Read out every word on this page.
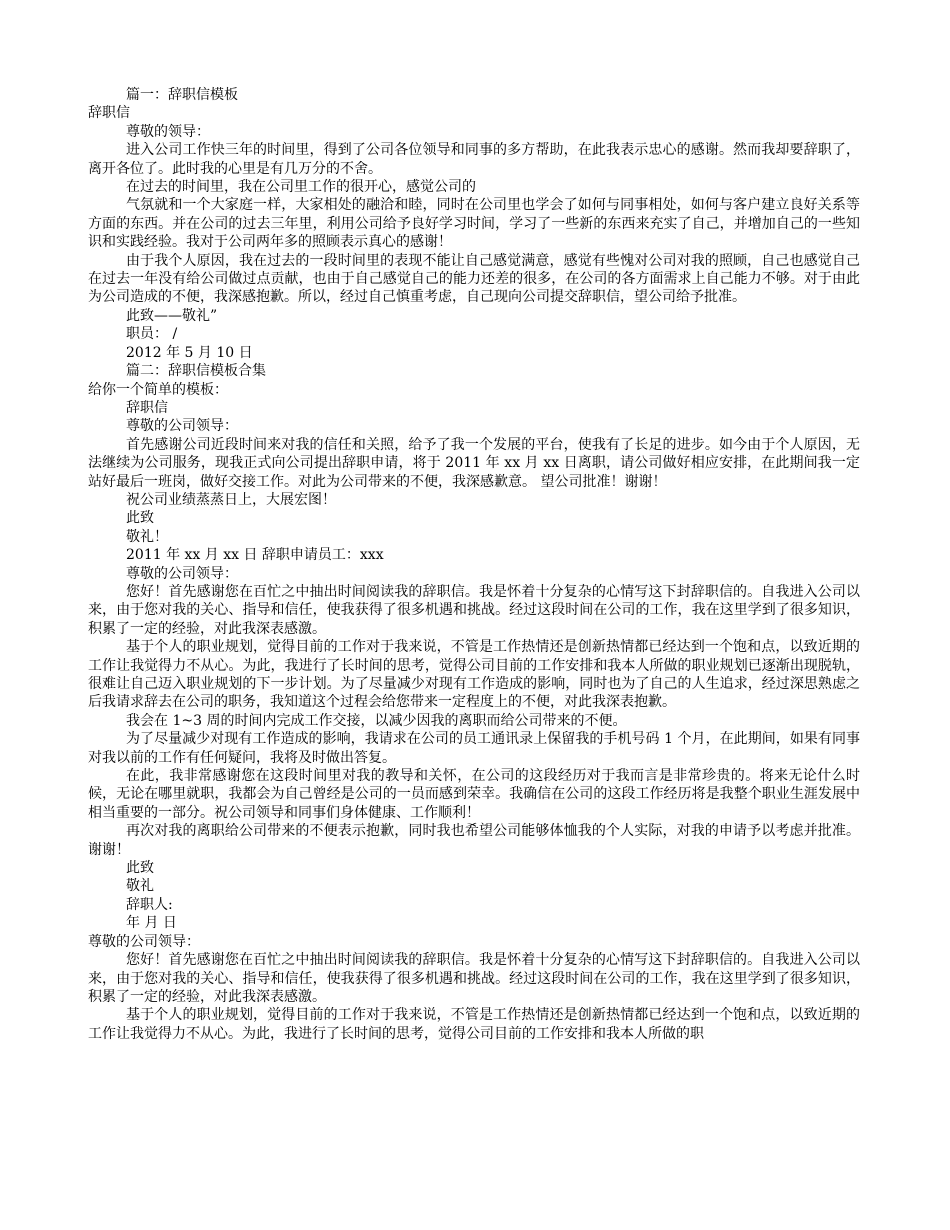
篇一：辞职信模板

辞职信

尊敬的领导：

进入公司工作快三年的时间里，得到了公司各位领导和同事的多方帮助，在此我表示忠心的感谢。然而我却要辞职了，离开各位了。此时我的心里是有几万分的不舍。

在过去的时间里，我在公司里工作的很开心，感觉公司的

气氛就和一个大家庭一样，大家相处的融洽和睦，同时在公司里也学会了如何与同事相处，如何与客户建立良好关系等方面的东西。并在公司的过去三年里，利用公司给予良好学习时间，学习了一些新的东西来充实了自己，并增加自己的一些知识和实践经验。我对于公司两年多的照顾表示真心的感谢！

由于我个人原因，我在过去的一段时间里的表现不能让自己感觉满意，感觉有些愧对公司对我的照顾，自己也感觉自己在过去一年没有给公司做过点贡献，也由于自己感觉自己的能力还差的很多，在公司的各方面需求上自己能力不够。对于由此为公司造成的不便，我深感抱歉。所以，经过自己慎重考虑，自己现向公司提交辞职信，望公司给予批准。

此致——敬礼”

职员： /

2012 年 5 月 10 日

篇二：辞职信模板合集

给你一个简单的模板：

辞职信

尊敬的公司领导：

首先感谢公司近段时间来对我的信任和关照，给予了我一个发展的平台，使我有了长足的进步。如今由于个人原因，无法继续为公司服务，现我正式向公司提出辞职申请，将于 2011 年 xx 月 xx 日离职，请公司做好相应安排，在此期间我一定站好最后一班岗，做好交接工作。对此为公司带来的不便，我深感歉意。 望公司批准！谢谢！

祝公司业绩蒸蒸日上，大展宏图！

此致

敬礼！

2011 年 xx 月 xx 日 辞职申请员工：xxx

尊敬的公司领导：

您好！首先感谢您在百忙之中抽出时间阅读我的辞职信。我是怀着十分复杂的心情写这下封辞职信的。自我进入公司以来，由于您对我的关心、指导和信任，使我获得了很多机遇和挑战。经过这段时间在公司的工作，我在这里学到了很多知识，积累了一定的经验，对此我深表感激。

基于个人的职业规划，觉得目前的工作对于我来说，不管是工作热情还是创新热情都已经达到一个饱和点，以致近期的工作让我觉得力不从心。为此，我进行了长时间的思考，觉得公司目前的工作安排和我本人所做的职业规划已逐渐出现脱轨，很难让自己迈入职业规划的下一步计划。为了尽量减少对现有工作造成的影响，同时也为了自己的人生追求，经过深思熟虑之后我请求辞去在公司的职务，我知道这个过程会给您带来一定程度上的不便，对此我深表抱歉。

我会在 1~3 周的时间内完成工作交接，以减少因我的离职而给公司带来的不便。

为了尽量减少对现有工作造成的影响，我请求在公司的员工通讯录上保留我的手机号码 1 个月，在此期间，如果有同事对我以前的工作有任何疑问，我将及时做出答复。

在此，我非常感谢您在这段时间里对我的教导和关怀，在公司的这段经历对于我而言是非常珍贵的。将来无论什么时候，无论在哪里就职，我都会为自己曾经是公司的一员而感到荣幸。我确信在公司的这段工作经历将是我整个职业生涯发展中相当重要的一部分。祝公司领导和同事们身体健康、工作顺利！

再次对我的离职给公司带来的不便表示抱歉，同时我也希望公司能够体恤我的个人实际，对我的申请予以考虑并批准。谢谢！

此致

敬礼

辞职人:

年 月 日

尊敬的公司领导：

您好！首先感谢您在百忙之中抽出时间阅读我的辞职信。我是怀着十分复杂的心情写这下封辞职信的。自我进入公司以来，由于您对我的关心、指导和信任，使我获得了很多机遇和挑战。经过这段时间在公司的工作，我在这里学到了很多知识，积累了一定的经验，对此我深表感激。

基于个人的职业规划，觉得目前的工作对于我来说，不管是工作热情还是创新热情都已经达到一个饱和点，以致近期的工作让我觉得力不从心。为此，我进行了长时间的思考，觉得公司目前的工作安排和我本人所做的职
